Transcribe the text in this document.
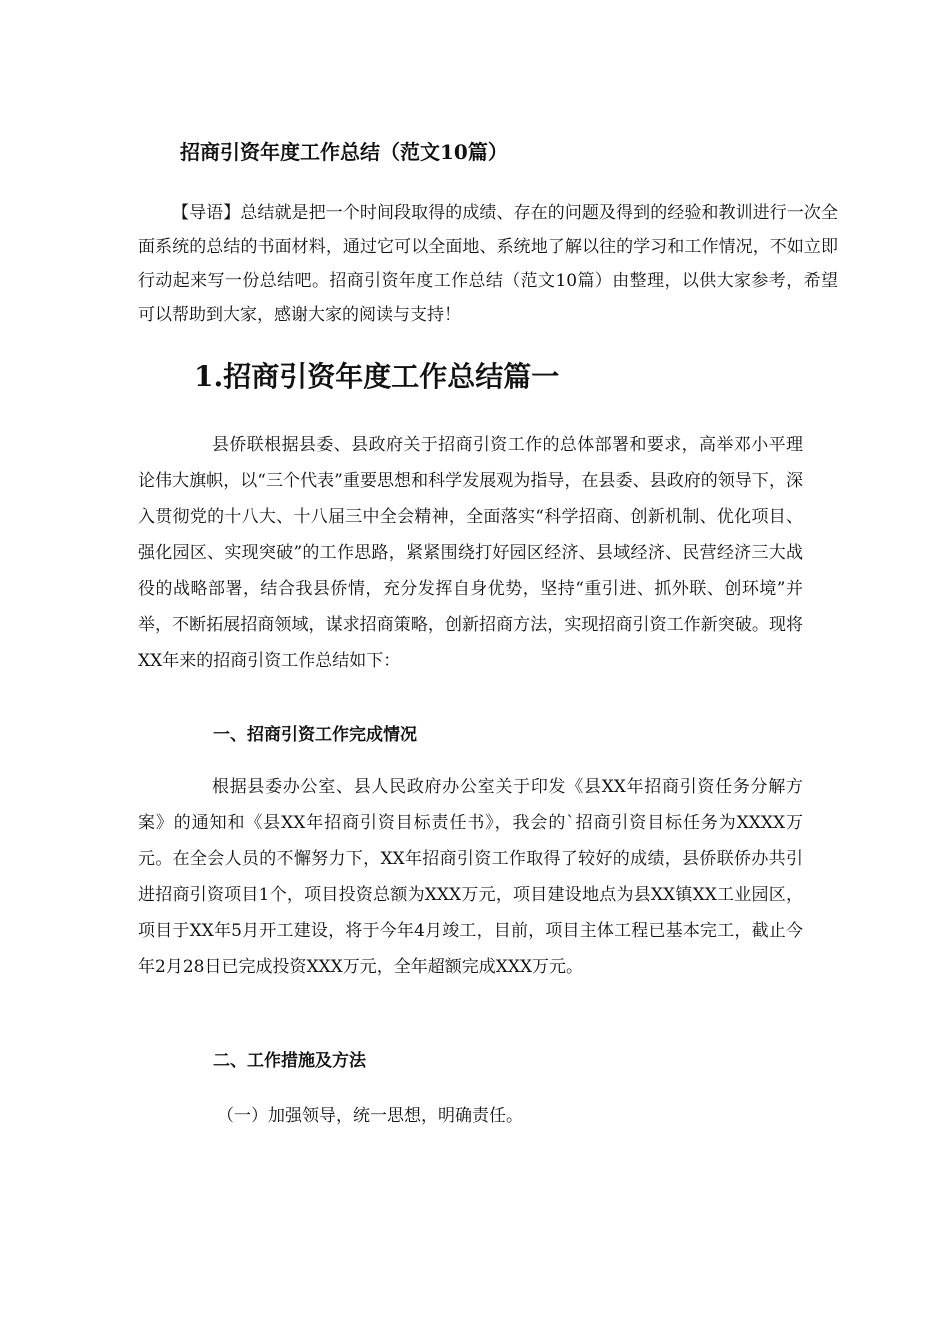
招商引资年度工作总结（范文10篇）

【导语】总结就是把一个时间段取得的成绩、存在的问题及得到的经验和教训进行一次全面系统的总结的书面材料，通过它可以全面地、系统地了解以往的学习和工作情况，不如立即行动起来写一份总结吧。招商引资年度工作总结（范文10篇）由整理，以供大家参考，希望可以帮助到大家，感谢大家的阅读与支持！

1.招商引资年度工作总结篇一

县侨联根据县委、县政府关于招商引资工作的总体部署和要求，高举邓小平理论伟大旗帜，以“三个代表”重要思想和科学发展观为指导，在县委、县政府的领导下，深入贯彻党的十八大、十八届三中全会精神，全面落实“科学招商、创新机制、优化项目、强化园区、实现突破”的工作思路，紧紧围绕打好园区经济、县域经济、民营经济三大战役的战略部署，结合我县侨情，充分发挥自身优势，坚持“重引进、抓外联、创环境”并举，不断拓展招商领域，谋求招商策略，创新招商方法，实现招商引资工作新突破。现将XX年来的招商引资工作总结如下：

一、招商引资工作完成情况

根据县委办公室、县人民政府办公室关于印发《县XX年招商引资任务分解方案》的通知和《县XX年招商引资目标责任书》，我会的`招商引资目标任务为XXXX万元。在全会人员的不懈努力下，XX年招商引资工作取得了较好的成绩，县侨联侨办共引进招商引资项目1个，项目投资总额为XXX万元，项目建设地点为县XX镇XX工业园区，项目于XX年5月开工建设，将于今年4月竣工，目前，项目主体工程已基本完工，截止今年2月28日已完成投资XXX万元，全年超额完成XXX万元。

二、工作措施及方法
（一）加强领导，统一思想，明确责任。
